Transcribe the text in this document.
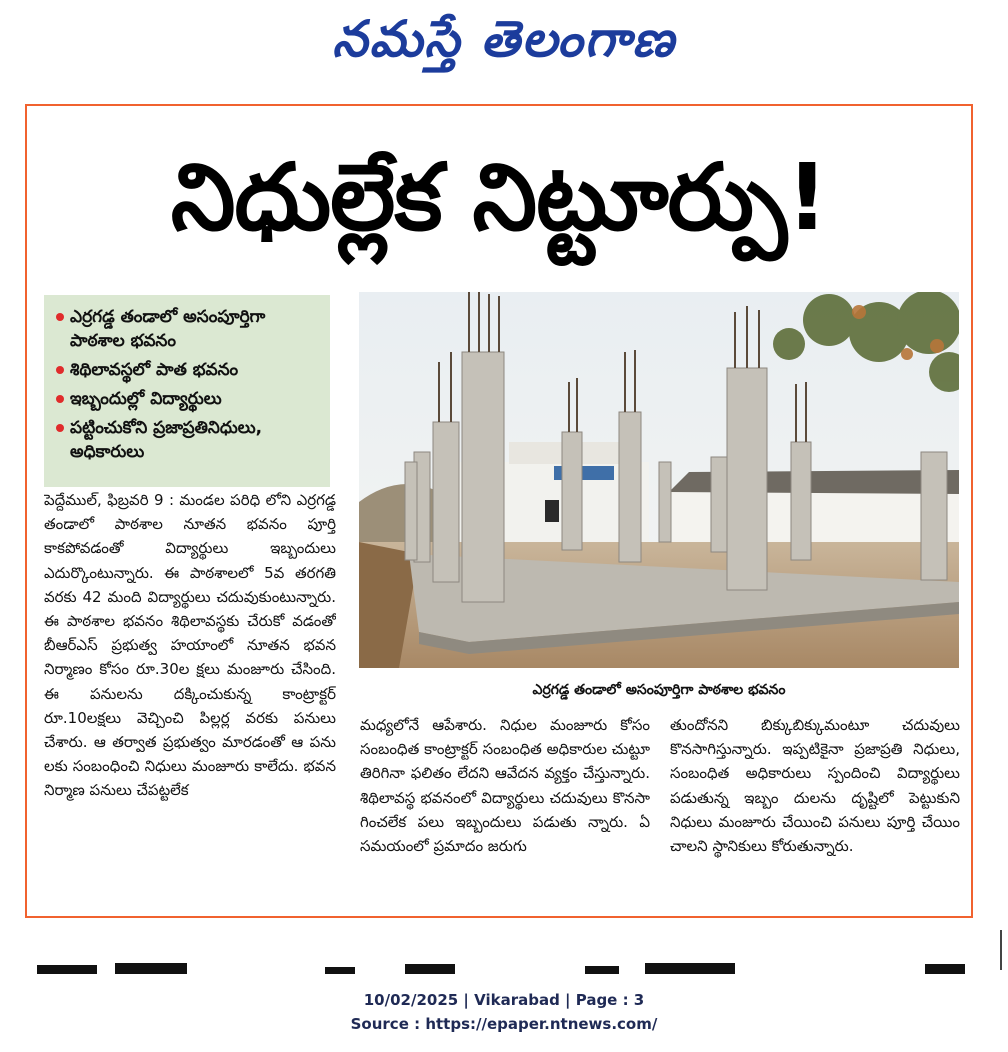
నమస్తే తెలంగాణ
నిధుల్లేక నిట్టూర్పు!
ఎర్రగడ్డ తండాలో అసంపూర్తిగా పాఠశాల భవనం
శిథిలావస్థలో పాత భవనం
ఇబ్బందుల్లో విద్యార్థులు
పట్టించుకోని ప్రజాప్రతినిధులు, అధికారులు
పెద్దేముల్, ఫిబ్రవరి 9 : మండల పరిధి లోని ఎర్రగడ్డ తండాలో పాఠశాల నూతన భవనం పూర్తి కాకపోవడంతో విద్యార్థులు ఇబ్బందులు ఎదుర్కొంటున్నారు. ఈ పాఠశాలలో 5వ తరగతి వరకు 42 మంది విద్యార్థులు చదువుకుంటున్నారు. ఈ పాఠశాల భవనం శిథిలావస్థకు చేరుకో వడంతో బీఆర్ఎస్ ప్రభుత్వ హయాంలో నూతన భవన నిర్మాణం కోసం రూ.30ల క్షలు మంజూరు చేసింది. ఈ పనులను దక్కించుకున్న కాంట్రాక్టర్ రూ.10లక్షలు వెచ్చించి పిల్లర్ల వరకు పనులు చేశారు. ఆ తర్వాత ప్రభుత్వం మారడంతో ఆ పను లకు సంబంధించి నిధులు మంజూరు కాలేదు. భవన నిర్మాణ పనులు చేపట్టలేక
ఎర్రగడ్డ తండాలో అసంపూర్తిగా పాఠశాల భవనం
మధ్యలోనే ఆపేశారు. నిధుల మంజూరు కోసం సంబంధిత కాంట్రాక్టర్ సంబంధిత అధికారుల చుట్టూ తిరిగినా ఫలితం లేదని ఆవేదన వ్యక్తం చేస్తున్నారు. శిథిలావస్థ భవనంలో విద్యార్థులు చదువులు కొనసా గించలేక పలు ఇబ్బందులు పడుతు న్నారు. ఏ సమయంలో ప్రమాదం జరుగు
తుందోనని బిక్కుబిక్కుమంటూ చదువులు కొనసాగిస్తున్నారు. ఇప్పటికైనా ప్రజాప్రతి నిధులు, సంబంధిత అధికారులు స్పందించి విద్యార్థులు పడుతున్న ఇబ్బం దులను దృష్టిలో పెట్టుకుని నిధులు మంజూరు చేయించి పనులు పూర్తి చేయిం చాలని స్థానికులు కోరుతున్నారు.
10/02/2025 | Vikarabad | Page : 3
Source : https://epaper.ntnews.com/
